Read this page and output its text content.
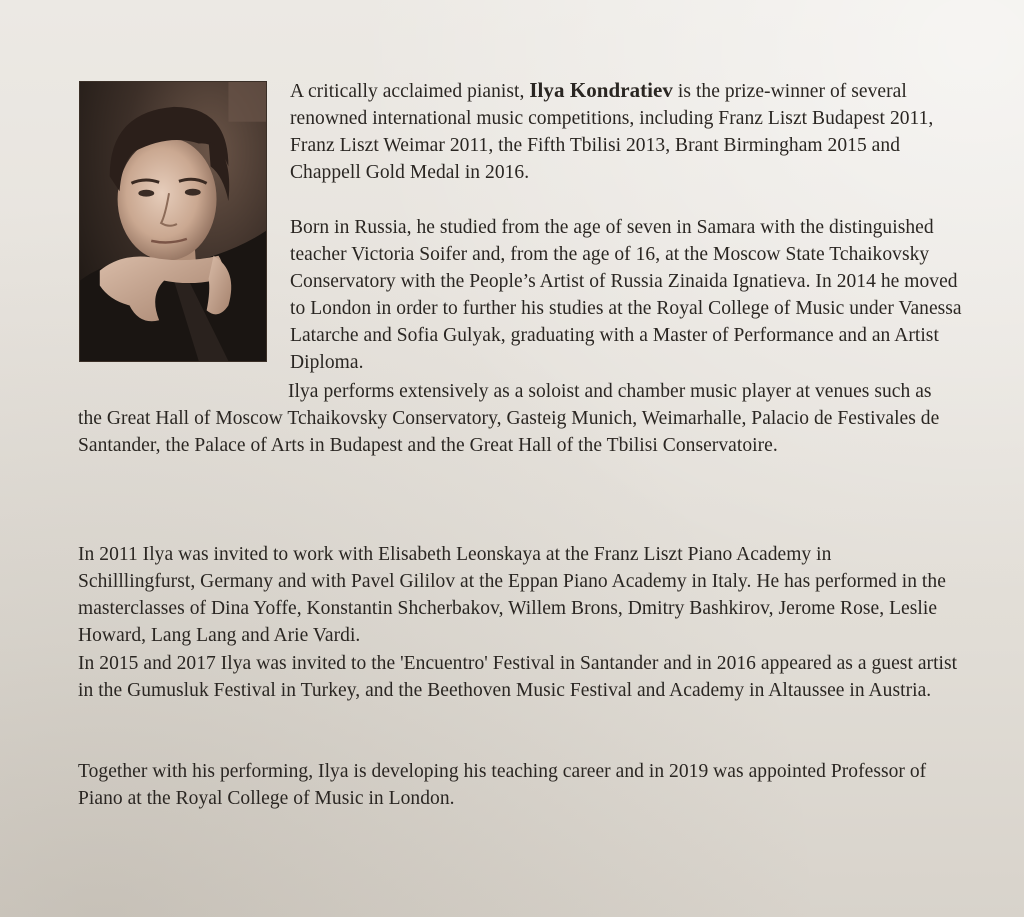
A critically acclaimed pianist, Ilya Kondratiev is the prize-winner of several renowned international music competitions, including Franz Liszt Budapest 2011, Franz Liszt Weimar 2011, the Fifth Tbilisi 2013, Brant Birmingham 2015 and Chappell Gold Medal in 2016.

Born in Russia, he studied from the age of seven in Samara with the distinguished teacher Victoria Soifer and, from the age of 16, at the Moscow State Tchaikovsky Conservatory with the People’s Artist of Russia Zinaida Ignatieva. In 2014 he moved to London in order to further his studies at the Royal College of Music under Vanessa Latarche and Sofia Gulyak, graduating with a Master of Performance and an Artist Diploma.

Ilya performs extensively as a soloist and chamber music player at venues such as the Great Hall of Moscow Tchaikovsky Conservatory, Gasteig Munich, Weimarhalle, Palacio de Festivales de Santander, the Palace of Arts in Budapest and the Great Hall of the Tbilisi Conservatoire.

In 2011 Ilya was invited to work with Elisabeth Leonskaya at the Franz Liszt Piano Academy in Schilllingfurst, Germany and with Pavel Gililov at the Eppan Piano Academy in Italy. He has performed in the masterclasses of Dina Yoffe, Konstantin Shcherbakov, Willem Brons, Dmitry Bashkirov, Jerome Rose, Leslie Howard, Lang Lang and Arie Vardi.

In 2015 and 2017 Ilya was invited to the 'Encuentro' Festival in Santander and in 2016 appeared as a guest artist in the Gumusluk Festival in Turkey, and the Beethoven Music Festival and Academy in Altaussee in Austria.

Together with his performing, Ilya is developing his teaching career and in 2019 was appointed Professor of Piano at the Royal College of Music in London.
